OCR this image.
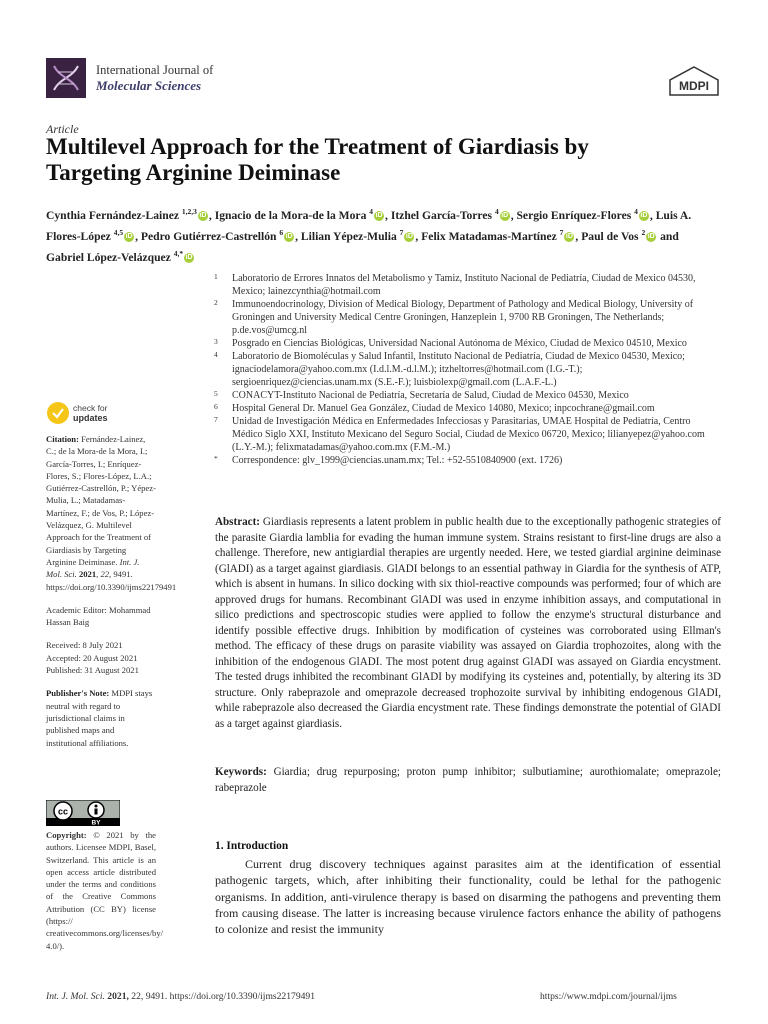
International Journal of
Molecular Sciences	MDPI
Article
Multilevel Approach for the Treatment of Giardiasis by Targeting Arginine Deiminase
Cynthia Fernández-Lainez $^{1,2,3}$ iD , Ignacio de la Mora-de la Mora $^4$ iD , Itzhel García-Torres $^4$ iD , Sergio Enríquez-Flores $^4$ iD , Luis A. Flores-López $^{4,5}$ iD , Pedro Gutiérrez-Castrellón $^6$ iD , Lilian Yépez-Mulia $^7$ iD , Felix Matadamas-Martínez $^7$ iD , Paul de Vos $^2$ iD and Gabriel López-Velázquez $^{4,*}$ iD
1 Laboratorio de Errores Innatos del Metabolismo y Tamiz, Instituto Nacional de Pediatría, Ciudad de Mexico 04530, Mexico; lainezcynthia@hotmail.com
2 Immunoendocrinology, Division of Medical Biology, Department of Pathology and Medical Biology, University of Groningen and University Medical Centre Groningen, Hanzeplein 1, 9700 RB Groningen, The Netherlands; p.de.vos@umcg.nl
3 Posgrado en Ciencias Biológicas, Universidad Nacional Autónoma de México, Ciudad de Mexico 04510, Mexico
4 Laboratorio de Biomoléculas y Salud Infantil, Instituto Nacional de Pediatría, Ciudad de Mexico 04530, Mexico; ignaciodelamora@yahoo.com.mx (I.d.l.M.-d.l.M.); itzheltorres@hotmail.com (I.G.-T.); sergioenriquez@ciencias.unam.mx (S.E.-F.); luisbiolexp@gmail.com (L.A.F.-L.)
5 CONACYT-Instituto Nacional de Pediatría, Secretaría de Salud, Ciudad de Mexico 04530, Mexico
6 Hospital General Dr. Manuel Gea González, Ciudad de Mexico 14080, Mexico; inpcochrane@gmail.com
7 Unidad de Investigación Médica en Enfermedades Infecciosas y Parasitarias, UMAE Hospital de Pediatría, Centro Médico Siglo XXI, Instituto Mexicano del Seguro Social, Ciudad de Mexico 06720, Mexico; lilianyepez@yahoo.com (L.Y.-M.); felixmatadamas@yahoo.com.mx (F.M.-M.)
* Correspondence: glv_1999@ciencias.unam.mx; Tel.: +52-5510840900 (ext. 1726)
check for
updates

Citation: Fernández-Lainez, C.; de la Mora-de la Mora, I.; García-Torres, I.; Enríquez-Flores, S.; Flores-López, L.A.; Gutiérrez-Castrellón, P.; Yépez-Mulia, L.; Matadamas-Martínez, F.; de Vos, P.; López-Velázquez, G. Multilevel Approach for the Treatment of Giardiasis by Targeting Arginine Deiminase. Int. J. Mol. Sci. 2021, 22, 9491. https://doi.org/10.3390/ijms22179491

Academic Editor: Mohammad Hassan Baig

Received: 8 July 2021

Accepted: 20 August 2021

Published: 31 August 2021

Publisher's Note: MDPI stays neutral with regard to jurisdictional claims in published maps and institutional affiliations.

cc
BY
Copyright: © 2021 by the authors. Licensee MDPI, Basel, Switzerland. This article is an open access article distributed under the terms and conditions of the Creative Commons Attribution (CC BY) license (https:// creativecommons.org/licenses/by/ 4.0/).
Abstract: Giardiasis represents a latent problem in public health due to the exceptionally pathogenic strategies of the parasite Giardia lamblia for evading the human immune system. Strains resistant to first-line drugs are also a challenge. Therefore, new antigiardial therapies are urgently needed. Here, we tested giardial arginine deiminase (GlADI) as a target against giardiasis. GlADI belongs to an essential pathway in Giardia for the synthesis of ATP, which is absent in humans. In silico docking with six thiol-reactive compounds was performed; four of which are approved drugs for humans. Recombinant GlADI was used in enzyme inhibition assays, and computational in silico predictions and spectroscopic studies were applied to follow the enzyme's structural disturbance and identify possible effective drugs. Inhibition by modification of cysteines was corroborated using Ellman's method. The efficacy of these drugs on parasite viability was assayed on Giardia trophozoites, along with the inhibition of the endogenous GlADI. The most potent drug against GlADI was assayed on Giardia encystment. The tested drugs inhibited the recombinant GlADI by modifying its cysteines and, potentially, by altering its 3D structure. Only rabeprazole and omeprazole decreased trophozoite survival by inhibiting endogenous GlADI, while rabeprazole also decreased the Giardia encystment rate. These findings demonstrate the potential of GlADI as a target against giardiasis.
Keywords: Giardia; drug repurposing; proton pump inhibitor; sulbutiamine; aurothiomalate; omeprazole; rabeprazole
1. Introduction
Current drug discovery techniques against parasites aim at the identification of essential pathogenic targets, which, after inhibiting their functionality, could be lethal for the pathogenic organisms. In addition, anti-virulence therapy is based on disarming the pathogens and preventing them from causing disease. The latter is increasing because virulence factors enhance the ability of pathogens to colonize and resist the immunity
Int. J. Mol. Sci. 2021, 22, 9491. https://doi.org/10.3390/ijms22179491	https://www.mdpi.com/journal/ijms
